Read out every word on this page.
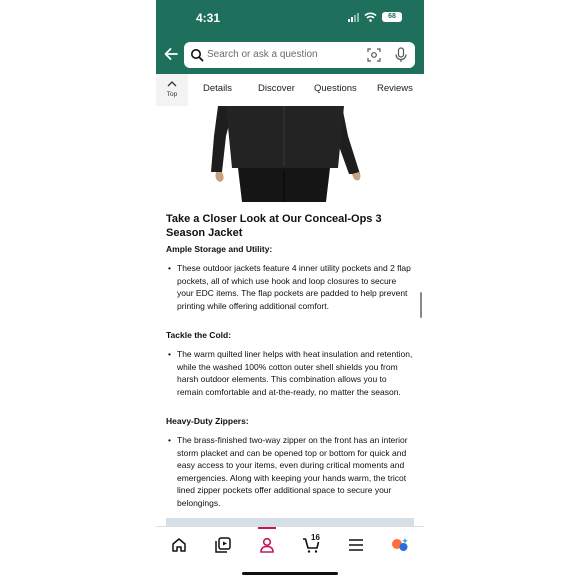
4:31	68
Search or ask a question
Top
Details	Discover Questions Reviews
Take a Closer Look at Our Conceal-Ops 3 Season Jacket
Ample Storage and Utility:
• These outdoor jackets feature 4 inner utility pockets and 2 flap pockets, all of which use hook and loop closures to secure your EDC items. The flap pockets are padded to help prevent printing while offering additional comfort.
Tackle the Cold:
• The warm quilted liner helps with heat insulation and retention, while the washed 100% cotton outer shell shields you from harsh outdoor elements. This combination allows you to remain comfortable and at-the-ready, no matter the season.
Heavy-Duty Zippers:
• The brass-finished two-way zipper on the front has an interior storm placket and can be opened top or bottom for quick and easy access to your items, even during critical moments and emergencies. Along with keeping your hands warm, the tricot lined zipper pockets offer additional space to secure your belongings.
16
